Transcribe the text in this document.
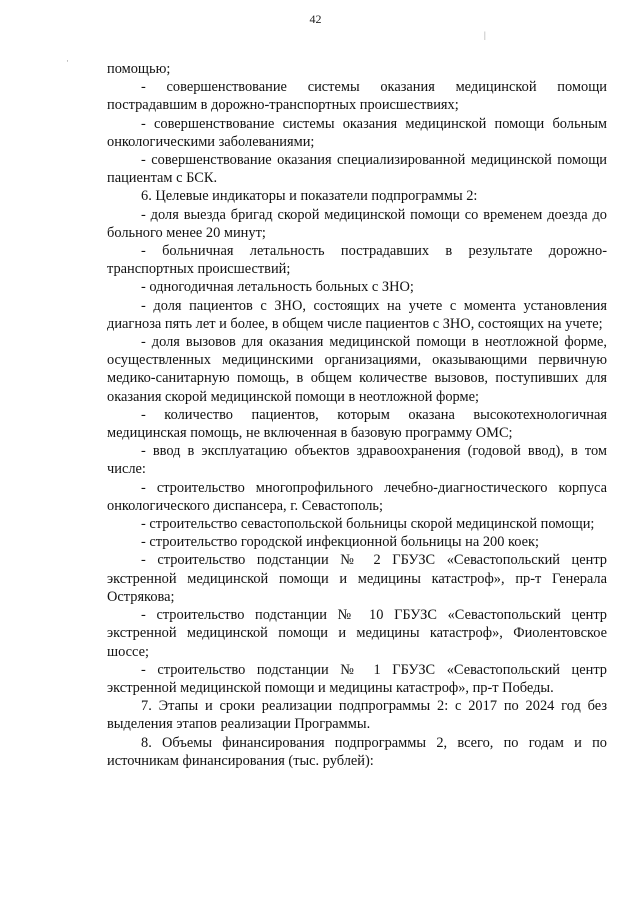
42
|
·	помощью;

- совершенствование системы оказания медицинской помощи пострадавшим в дорожно-транспортных происшествиях;

- совершенствование системы оказания медицинской помощи больным онкологическими заболеваниями;

- совершенствование оказания специализированной медицинской помощи пациентам с БСК.

6. Целевые индикаторы и показатели подпрограммы 2:

- доля выезда бригад скорой медицинской помощи со временем доезда до больного менее 20 минут;

- больничная летальность пострадавших в результате дорожно-транспортных происшествий;

- одногодичная летальность больных с ЗНО;

- доля пациентов с ЗНО, состоящих на учете с момента установления диагноза пять лет и более, в общем числе пациентов с ЗНО, состоящих на учете;

- доля вызовов для оказания медицинской помощи в неотложной форме, осуществленных медицинскими организациями, оказывающими первичную медико-санитарную помощь, в общем количестве вызовов, поступивших для оказания скорой медицинской помощи в неотложной форме;

- количество пациентов, которым оказана высокотехнологичная медицинская помощь, не включенная в базовую программу ОМС;

- ввод в эксплуатацию объектов здравоохранения (годовой ввод), в том числе:

- строительство многопрофильного лечебно-диагностического корпуса онкологического диспансера, г. Севастополь;

- строительство севастопольской больницы скорой медицинской помощи;

- строительство городской инфекционной больницы на 200 коек;

- строительство подстанции № 2 ГБУЗС «Севастопольский центр экстренной медицинской помощи и медицины катастроф», пр-т Генерала Острякова;

- строительство подстанции № 10 ГБУЗС «Севастопольский центр экстренной медицинской помощи и медицины катастроф», Фиолентовское шоссе;

- строительство подстанции № 1 ГБУЗС «Севастопольский центр экстренной медицинской помощи и медицины катастроф», пр-т Победы.

7. Этапы и сроки реализации подпрограммы 2: с 2017 по 2024 год без выделения этапов реализации Программы.

8. Объемы финансирования подпрограммы 2, всего, по годам и по источникам финансирования (тыс. рублей):
